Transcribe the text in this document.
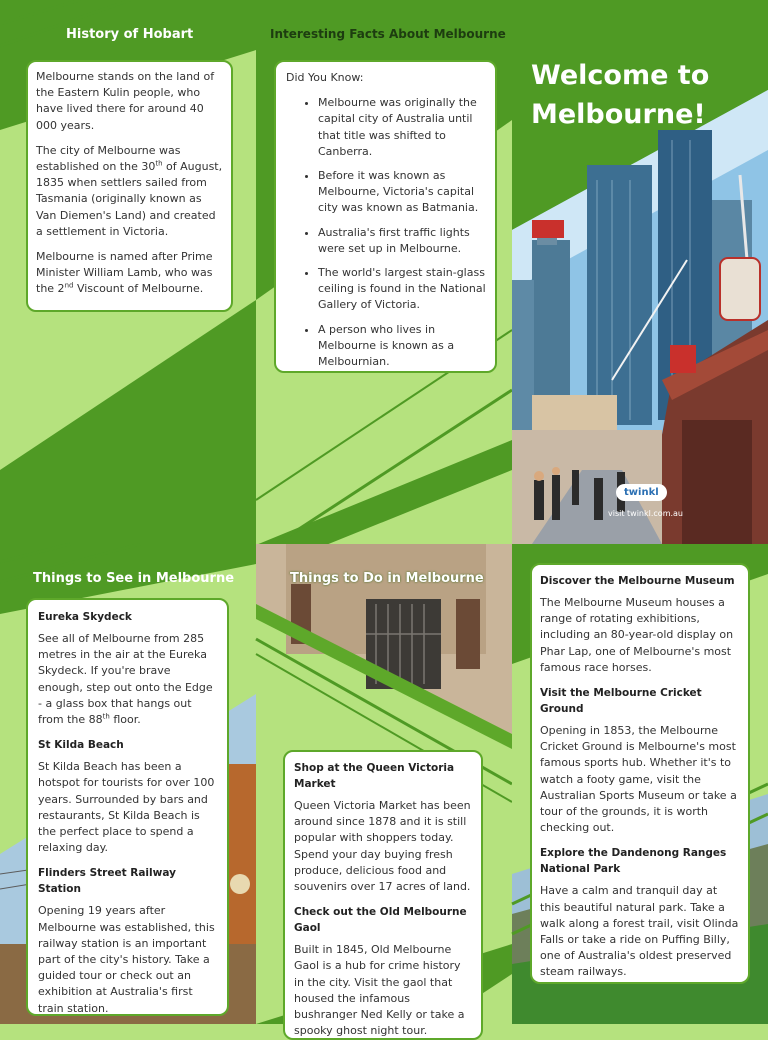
History of Hobart

Melbourne stands on the land of the Eastern Kulin people, who have lived there for around 40 000 years.

The city of Melbourne was established on the 30th of August, 1835 when settlers sailed from Tasmania (originally known as Van Diemen's Land) and created a settlement in Victoria.

Melbourne is named after Prime Minister William Lamb, who was the 2nd Viscount of Melbourne.

Interesting Facts About Melbourne

Did You Know:

• Melbourne was originally the capital city of Australia until that title was shifted to Canberra.
• Before it was known as Melbourne, Victoria's capital city was known as Batmania.
• Australia's first traffic lights were set up in Melbourne.
• The world's largest stain-glass ceiling is found in the National Gallery of Victoria.
• A person who lives in Melbourne is known as a Melbournian.
Welcome to
Melbourne!
twinkl
visit twinkl.com.au
Things to See in Melbourne
Eureka Skydeck

See all of Melbourne from 285 metres in the air at the Eureka Skydeck. If you're brave enough, step out onto the Edge - a glass box that hangs out from the 88th floor.

St Kilda Beach

St Kilda Beach has been a hotspot for tourists for over 100 years. Surrounded by bars and restaurants, St Kilda Beach is the perfect place to spend a relaxing day.

Flinders Street Railway Station

Opening 19 years after Melbourne was established, this railway station is an important part of the city's history. Take a guided tour or check out an exhibition at Australia's first train station.

Things to Do in Melbourne
Shop at the Queen Victoria Market

Queen Victoria Market has been around since 1878 and it is still popular with shoppers today. Spend your day buying fresh produce, delicious food and souvenirs over 17 acres of land.

Check out the Old Melbourne Gaol

Built in 1845, Old Melbourne Gaol is a hub for crime history in the city. Visit the gaol that housed the infamous bushranger Ned Kelly or take a spooky ghost night tour.

Discover the Melbourne Museum

The Melbourne Museum houses a range of rotating exhibitions, including an 80-year-old display on Phar Lap, one of Melbourne's most famous race horses.

Visit the Melbourne Cricket Ground

Opening in 1853, the Melbourne Cricket Ground is Melbourne's most famous sports hub. Whether it's to watch a footy game, visit the Australian Sports Museum or take a tour of the grounds, it is worth checking out.

Explore the Dandenong Ranges National Park

Have a calm and tranquil day at this beautiful natural park. Take a walk along a forest trail, visit Olinda Falls or take a ride on Puffing Billy, one of Australia's oldest preserved steam railways.
